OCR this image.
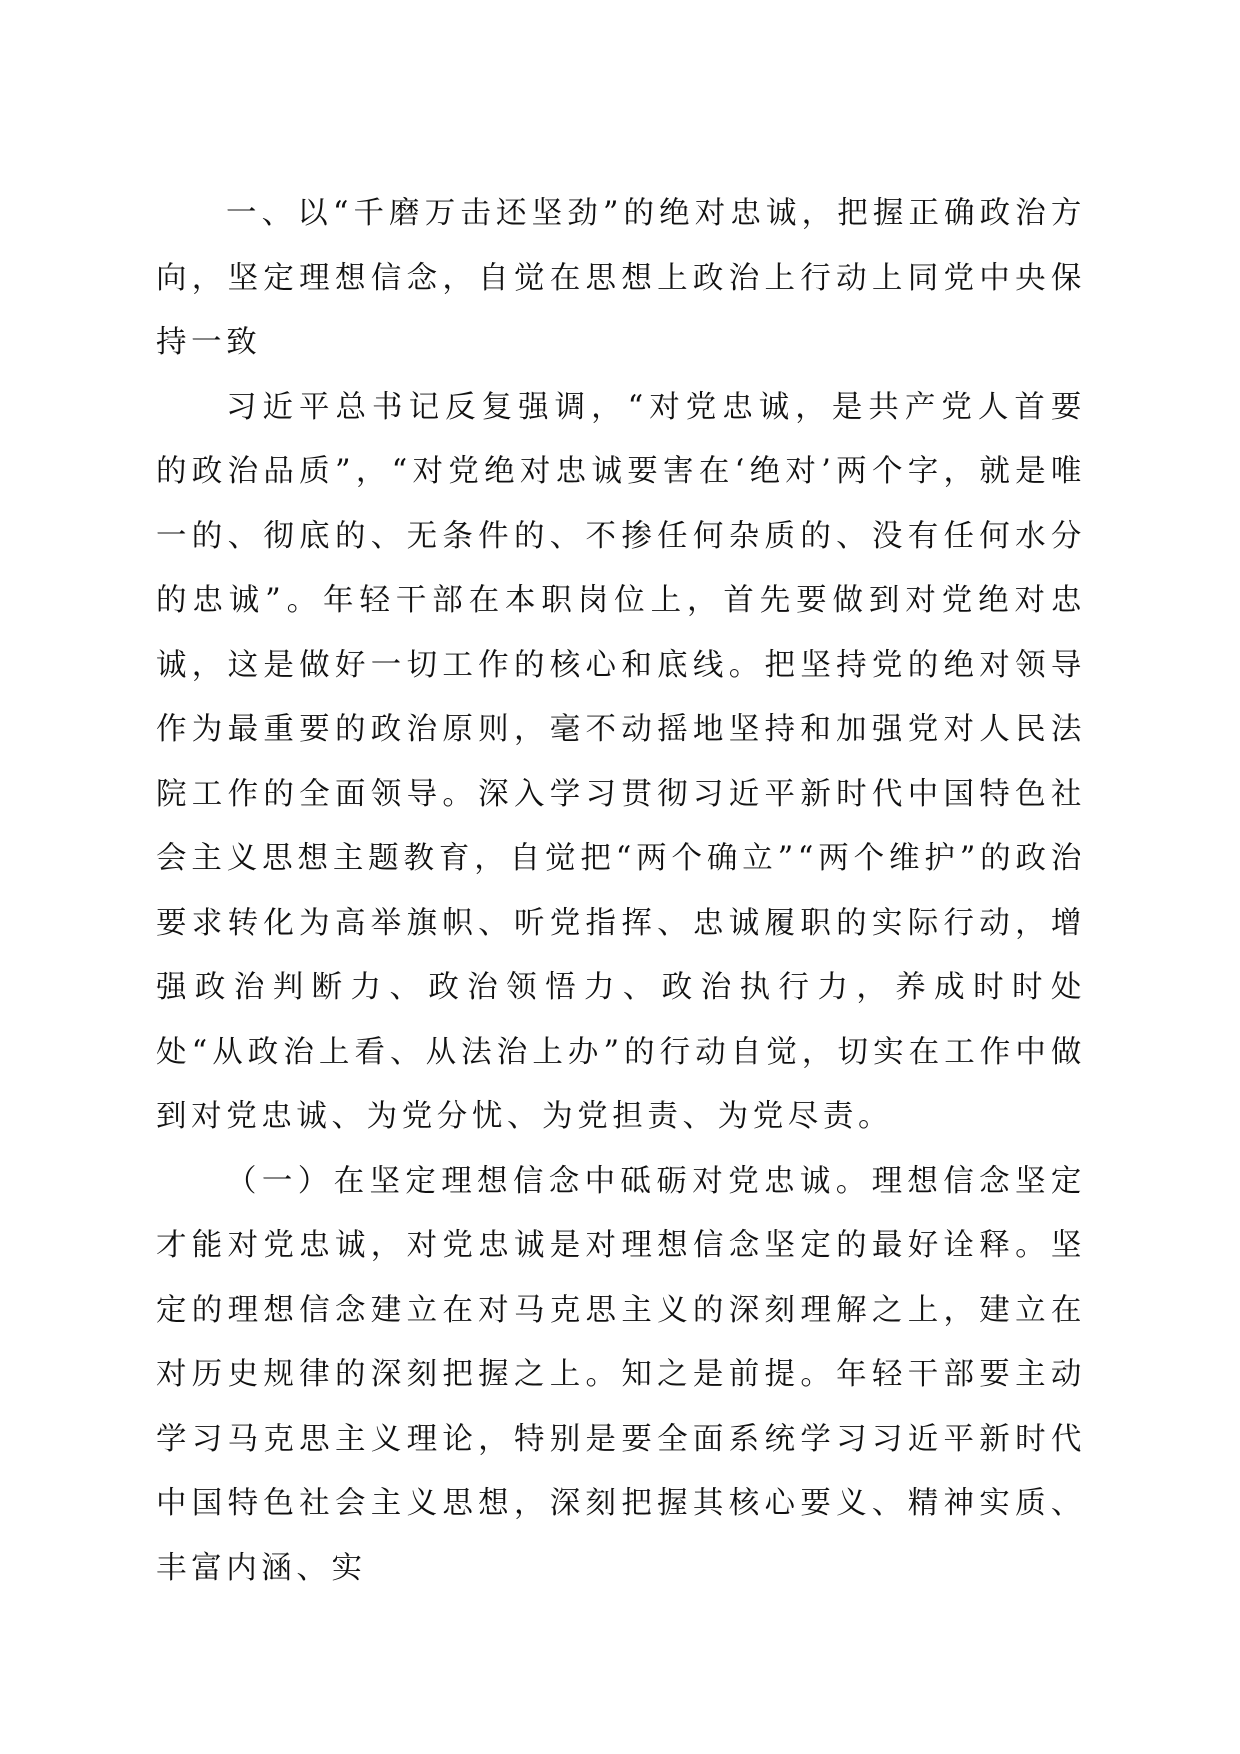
一、以“千磨万击还坚劲”的绝对忠诚，把握正确政治方向，坚定理想信念，自觉在思想上政治上行动上同党中央保持一致

习近平总书记反复强调，“对党忠诚，是共产党人首要的政治品质”，“对党绝对忠诚要害在‘绝对’两个字，就是唯一的、彻底的、无条件的、不掺任何杂质的、没有任何水分的忠诚”。年轻干部在本职岗位上，首先要做到对党绝对忠诚，这是做好一切工作的核心和底线。把坚持党的绝对领导作为最重要的政治原则，毫不动摇地坚持和加强党对人民法院工作的全面领导。深入学习贯彻习近平新时代中国特色社会主义思想主题教育，自觉把“两个确立”“两个维护”的政治要求转化为高举旗帜、听党指挥、忠诚履职的实际行动，增强政治判断力、政治领悟力、政治执行力，养成时时处处“从政治上看、从法治上办”的行动自觉，切实在工作中做到对党忠诚、为党分忧、为党担责、为党尽责。

（一）在坚定理想信念中砥砺对党忠诚。理想信念坚定才能对党忠诚，对党忠诚是对理想信念坚定的最好诠释。坚定的理想信念建立在对马克思主义的深刻理解之上，建立在对历史规律的深刻把握之上。知之是前提。年轻干部要主动学习马克思主义理论，特别是要全面系统学习习近平新时代中国特色社会主义思想，深刻把握其核心要义、精神实质、丰富内涵、实
